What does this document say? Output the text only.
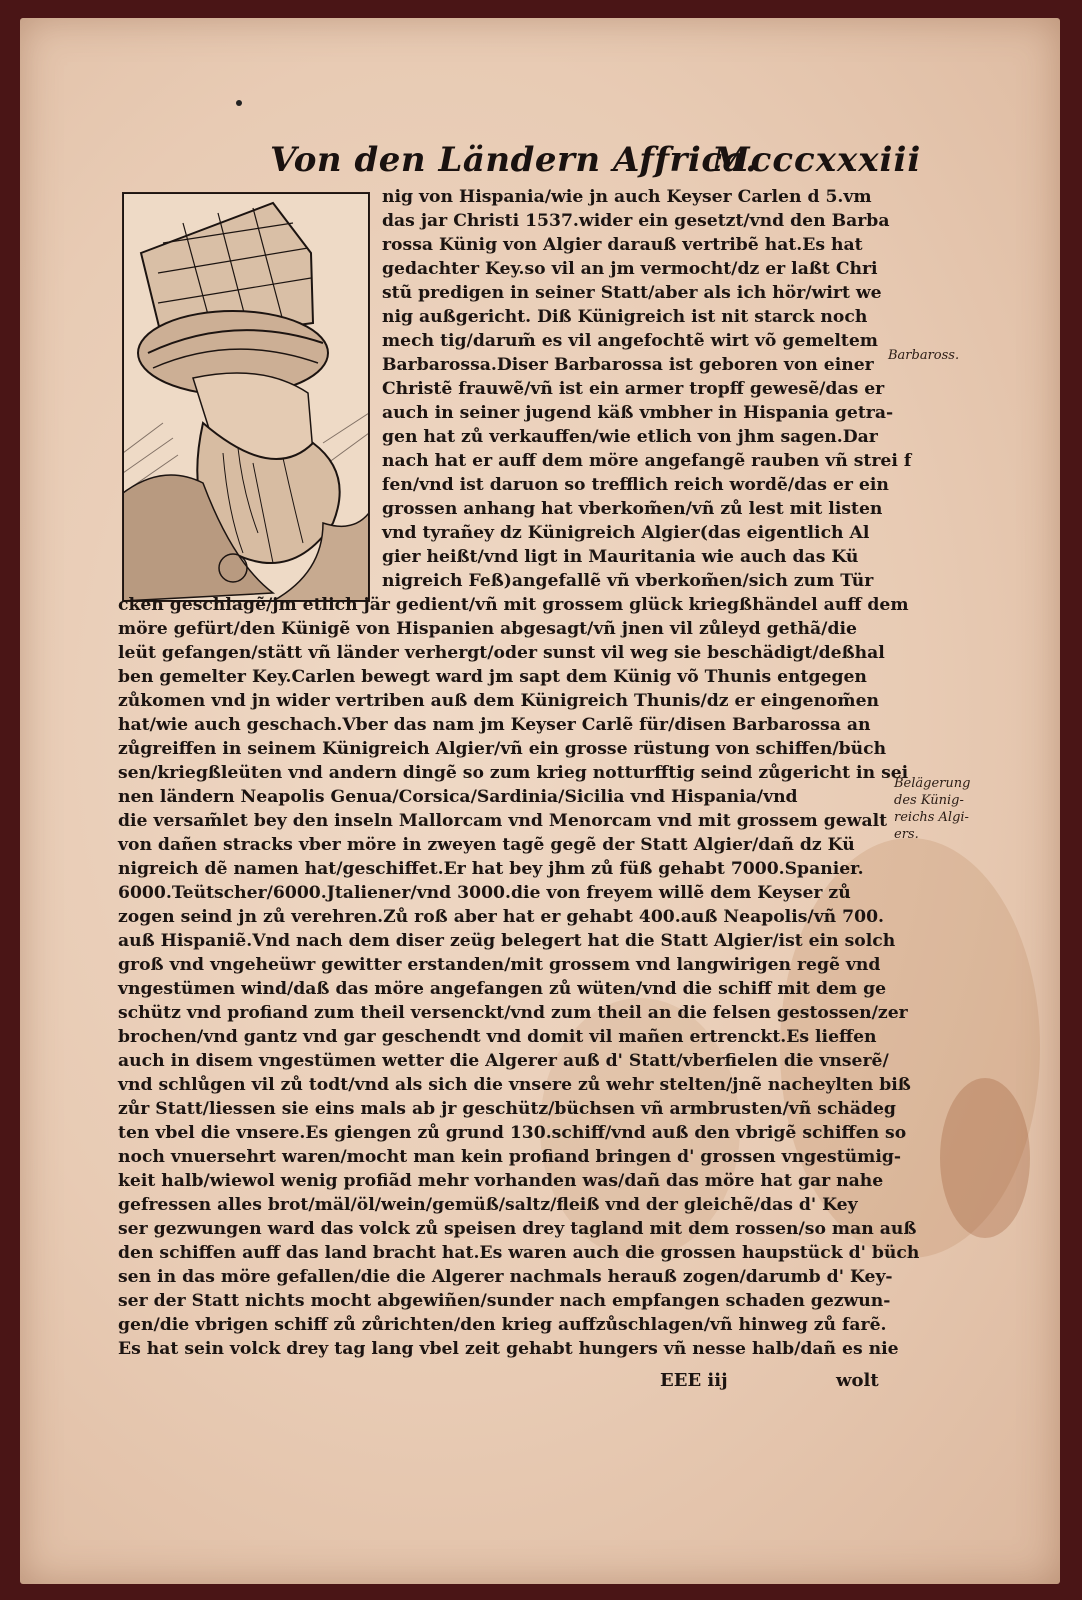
Von den Ländern Affrica.
Mcccxxxiii
nig von Hispania/wie jn auch Keyser Carlen d 5.vm
das jar Christi 1537.wider ein gesetzt/vnd den Barba
rossa Künig von Algier darauß vertribẽ hat.Es hat
gedachter Key.so vil an jm vermocht/dz er laßt Chri
stũ predigen in seiner Statt/aber als ich hör/wirt we
nig außgericht. Diß Künigreich ist nit starck noch
mech tig/darum̃ es vil angefochtẽ wirt võ gemeltem
Barbarossa.Diser Barbarossa ist geboren von einer
Christẽ frauwẽ/vñ ist ein armer tropff gewesẽ/das er
auch in seiner jugend käß vmbher in Hispania getra-
gen hat zů verkauffen/wie etlich von jhm sagen.Dar
nach hat er auff dem möre angefangẽ rauben vñ strei f
fen/vnd ist daruon so trefflich reich wordẽ/das er ein
grossen anhang hat vberkom̃en/vñ zů lest mit listen
vnd tyrañey dz Künigreich Algier(das eigentlich Al
gier heißt/vnd ligt in Mauritania wie auch das Kü
nigreich Feß)angefallẽ vñ vberkom̃en/sich zum Tür
cken geschlagẽ/jm etlich jär gedient/vñ mit grossem glück kriegßhändel auff dem
möre gefürt/den Künigẽ von Hispanien abgesagt/vñ jnen vil zůleyd gethã/die
leüt gefangen/stätt vñ länder verhergt/oder sunst vil weg sie beschädigt/deßhal
ben gemelter Key.Carlen bewegt ward jm sapt dem Künig võ Thunis entgegen
zůkomen vnd jn wider vertriben auß dem Künigreich Thunis/dz er eingenom̃en
hat/wie auch geschach.Vber das nam jm Keyser Carlẽ für/disen Barbarossa an
zůgreiffen in seinem Künigreich Algier/vñ ein grosse rüstung von schiffen/büch
sen/kriegßleüten vnd andern dingẽ so zum krieg notturfftig seind zůgericht in sei
nen ländern Neapolis Genua/Corsica/Sardinia/Sicilia vnd Hispania/vnd
die versam̃let bey den inseln Mallorcam vnd Menorcam vnd mit grossem gewalt
von dañen stracks vber möre in zweyen tagẽ gegẽ der Statt Algier/dañ dz Kü
nigreich dẽ namen hat/geschiffet.Er hat bey jhm zů füß gehabt 7000.Spanier.
6000.Teütscher/6000.Jtaliener/vnd 3000.die von freyem willẽ dem Keyser zů
zogen seind jn zů verehren.Zů roß aber hat er gehabt 400.auß Neapolis/vñ 700.
auß Hispaniẽ.Vnd nach dem diser zeüg belegert hat die Statt Algier/ist ein solch
groß vnd vngeheüwr gewitter erstanden/mit grossem vnd langwirigen regẽ vnd
vngestümen wind/daß das möre angefangen zů wüten/vnd die schiff mit dem ge
schütz vnd profiand zum theil versenckt/vnd zum theil an die felsen gestossen/zer
brochen/vnd gantz vnd gar geschendt vnd domit vil mañen ertrenckt.Es lieffen
auch in disem vngestümen wetter die Algerer auß d' Statt/vberfielen die vnserẽ/
vnd schlůgen vil zů todt/vnd als sich die vnsere zů wehr stelten/jnẽ nacheylten biß
zůr Statt/liessen sie eins mals ab jr geschütz/büchsen vñ armbrusten/vñ schädeg
ten vbel die vnsere.Es giengen zů grund 130.schiff/vnd auß den vbrigẽ schiffen so
noch vnuersehrt waren/mocht man kein profiand bringen d' grossen vngestümig-
keit halb/wiewol wenig profiãd mehr vorhanden was/dañ das möre hat gar nahe
gefressen alles brot/mäl/öl/wein/gemüß/saltz/fleiß vnd der gleichẽ/das d' Key
ser gezwungen ward das volck zů speisen drey tagland mit dem rossen/so man auß
den schiffen auff das land bracht hat.Es waren auch die grossen haupstück d' büch
sen in das möre gefallen/die die Algerer nachmals herauß zogen/darumb d' Key-
ser der Statt nichts mocht abgewiñen/sunder nach empfangen schaden gezwun-
gen/die vbrigen schiff zů zůrichten/den krieg auffzůschlagen/vñ hinweg zů farẽ.
Es hat sein volck drey tag lang vbel zeit gehabt hungers vñ nesse halb/dañ es nie
Barbaross.
Belägerung
des Künig-
reichs Algi-
ers.
EEE iij	wolt
